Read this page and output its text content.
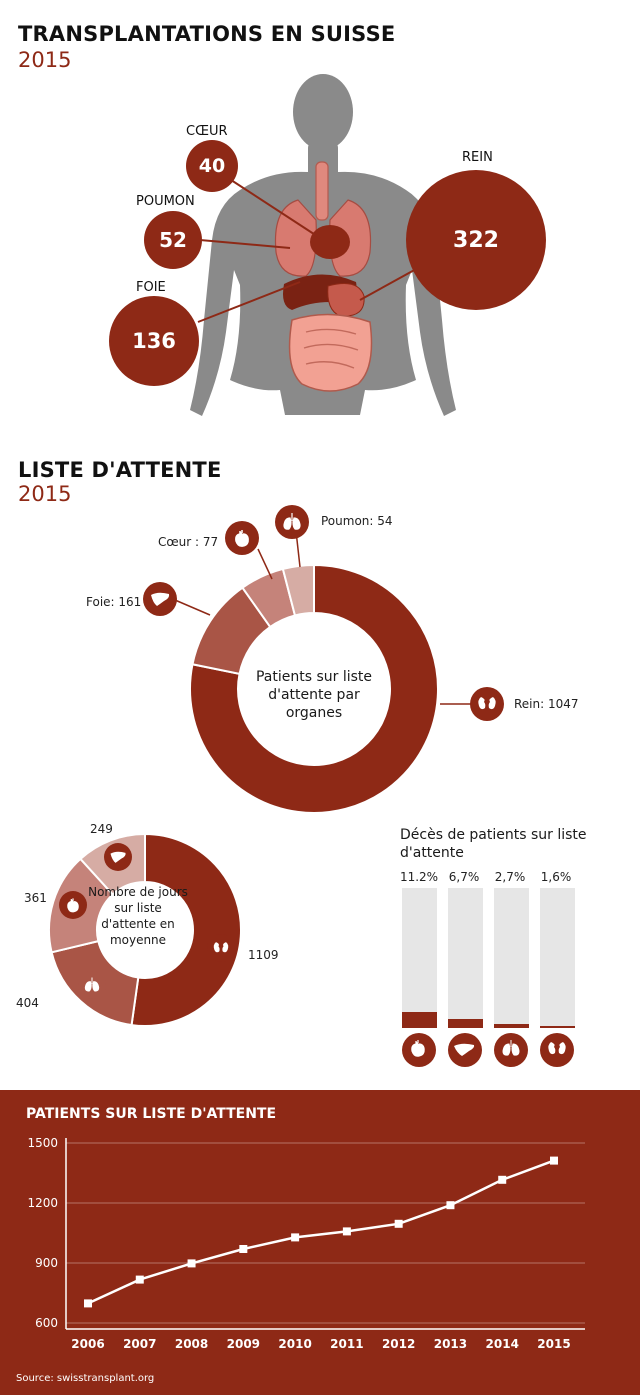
TRANSPLANTATIONS EN SUISSE
2015
CŒUR
40
POUMON
52
FOIE
136
REIN
322
LISTE D'ATTENTE
2015
Rein: 1047
Foie: 161
Cœur : 77
Poumon: 54
Patients sur liste d'attente par organes
1109
404
361
249
Nombre de jours sur liste d'attente en moyenne
Décès de patients sur liste d'attente
11.2% 6,7%	2,7%	1,6%
PATIENTS SUR LISTE D'ATTENTE
1500
1200
900
600
2006 2007 2008 2009 2010 2011 2012 2013 2014 2015
Source: swisstransplant.org
